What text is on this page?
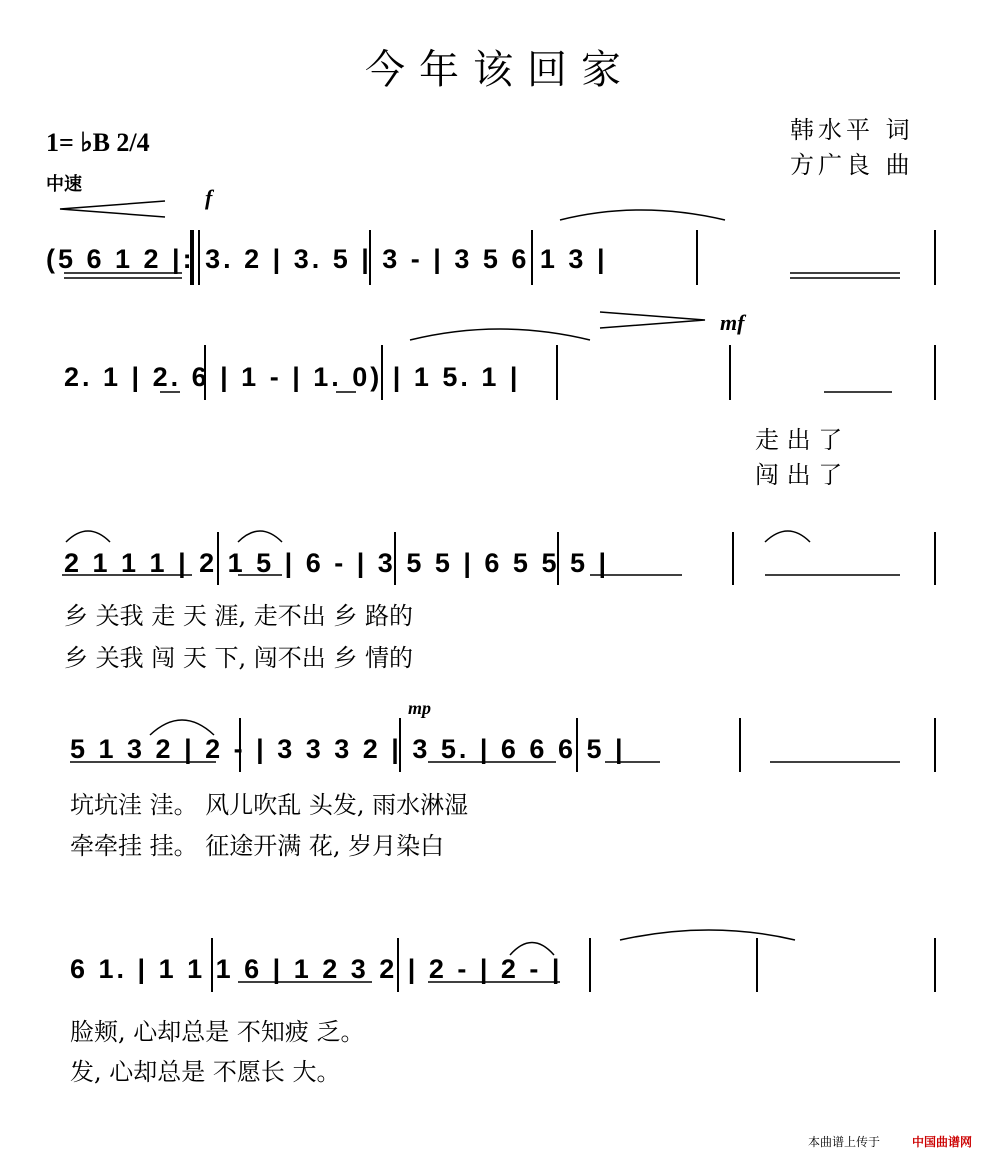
今年该回家
韩水平 词
方广良 曲
1= ♭B 2/4
中速
f
mf
mp
(5 6 1 2 |: 3. 2 | 3. 5 | 3 - | 3 5 6 1 3 |
2. 1 | 2. 6 | 1 - | 1. 0) | 1 5. 1 |
2 1 1 1 | 2 1 5 | 6 - | 3 5 5 | 6 5 5 5 |
5 1 3 2 | 2 - | 3 3 3 2 | 3 5. | 6 6 6 5 |
6 1. | 1 1 1 6 | 1 2 3 2 | 2 - | 2 - |
走 出 了
闯 出 了
乡 关我 走 天 涯, 走不出 乡 路的
乡 关我 闯 天 下, 闯不出 乡 情的
坑坑洼 洼。 风儿吹乱 头发, 雨水淋湿
牵牵挂 挂。 征途开满 花, 岁月染白
脸颊, 心却总是 不知疲 乏。
发, 心却总是 不愿长 大。
本曲谱上传于	中国曲谱网
